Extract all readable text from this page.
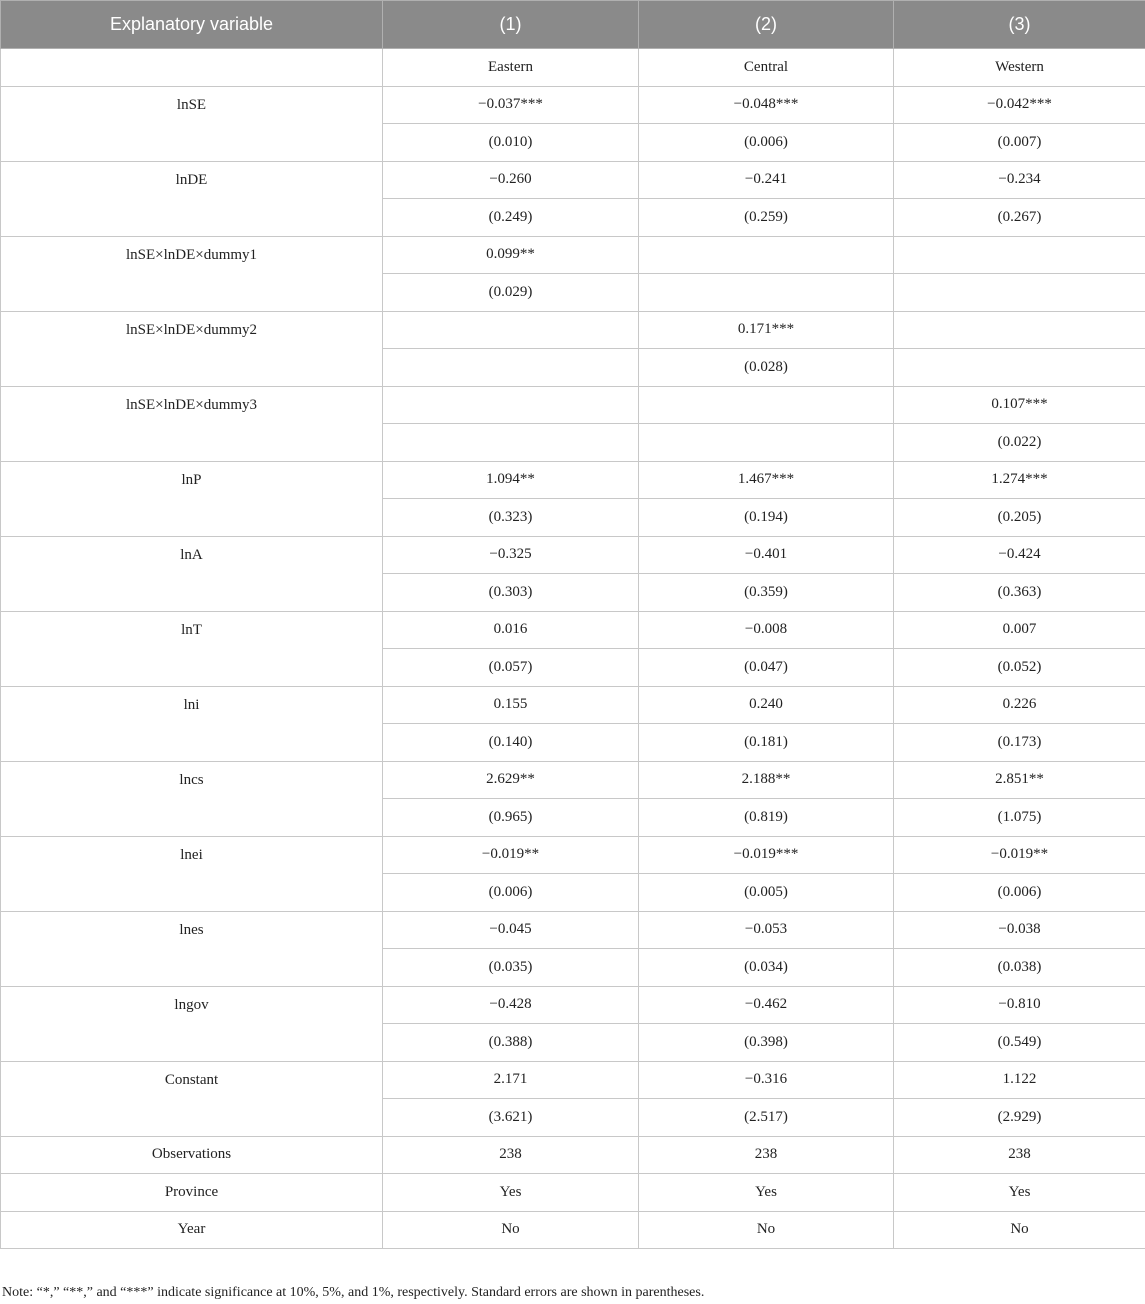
Explanatory variable	(1)	(2)	(3)
	Eastern	Central	Western
lnSE	−0.037***	−0.048***	−0.042***
	(0.010)	(0.006)	(0.007)
lnDE	−0.260	−0.241	−0.234
	(0.249)	(0.259)	(0.267)
lnSE×lnDE×dummy1	0.099**		
	(0.029)		
lnSE×lnDE×dummy2		0.171***	
		(0.028)	
lnSE×lnDE×dummy3			0.107***
			(0.022)
lnP	1.094**	1.467***	1.274***
	(0.323)	(0.194)	(0.205)
lnA	−0.325	−0.401	−0.424
	(0.303)	(0.359)	(0.363)
lnT	0.016	−0.008	0.007
	(0.057)	(0.047)	(0.052)
lni	0.155	0.240	0.226
	(0.140)	(0.181)	(0.173)
lncs	2.629**	2.188**	2.851**
	(0.965)	(0.819)	(1.075)
lnei	−0.019**	−0.019***	−0.019**
	(0.006)	(0.005)	(0.006)
lnes	−0.045	−0.053	−0.038
	(0.035)	(0.034)	(0.038)
lngov	−0.428	−0.462	−0.810
	(0.388)	(0.398)	(0.549)
Constant	2.171	−0.316	1.122
	(3.621)	(2.517)	(2.929)
Observations	238	238	238
Province	Yes	Yes	Yes
Year	No	No	No
Note: “*,” “**,” and “***” indicate significance at 10%, 5%, and 1%, respectively. Standard errors are shown in parentheses.
